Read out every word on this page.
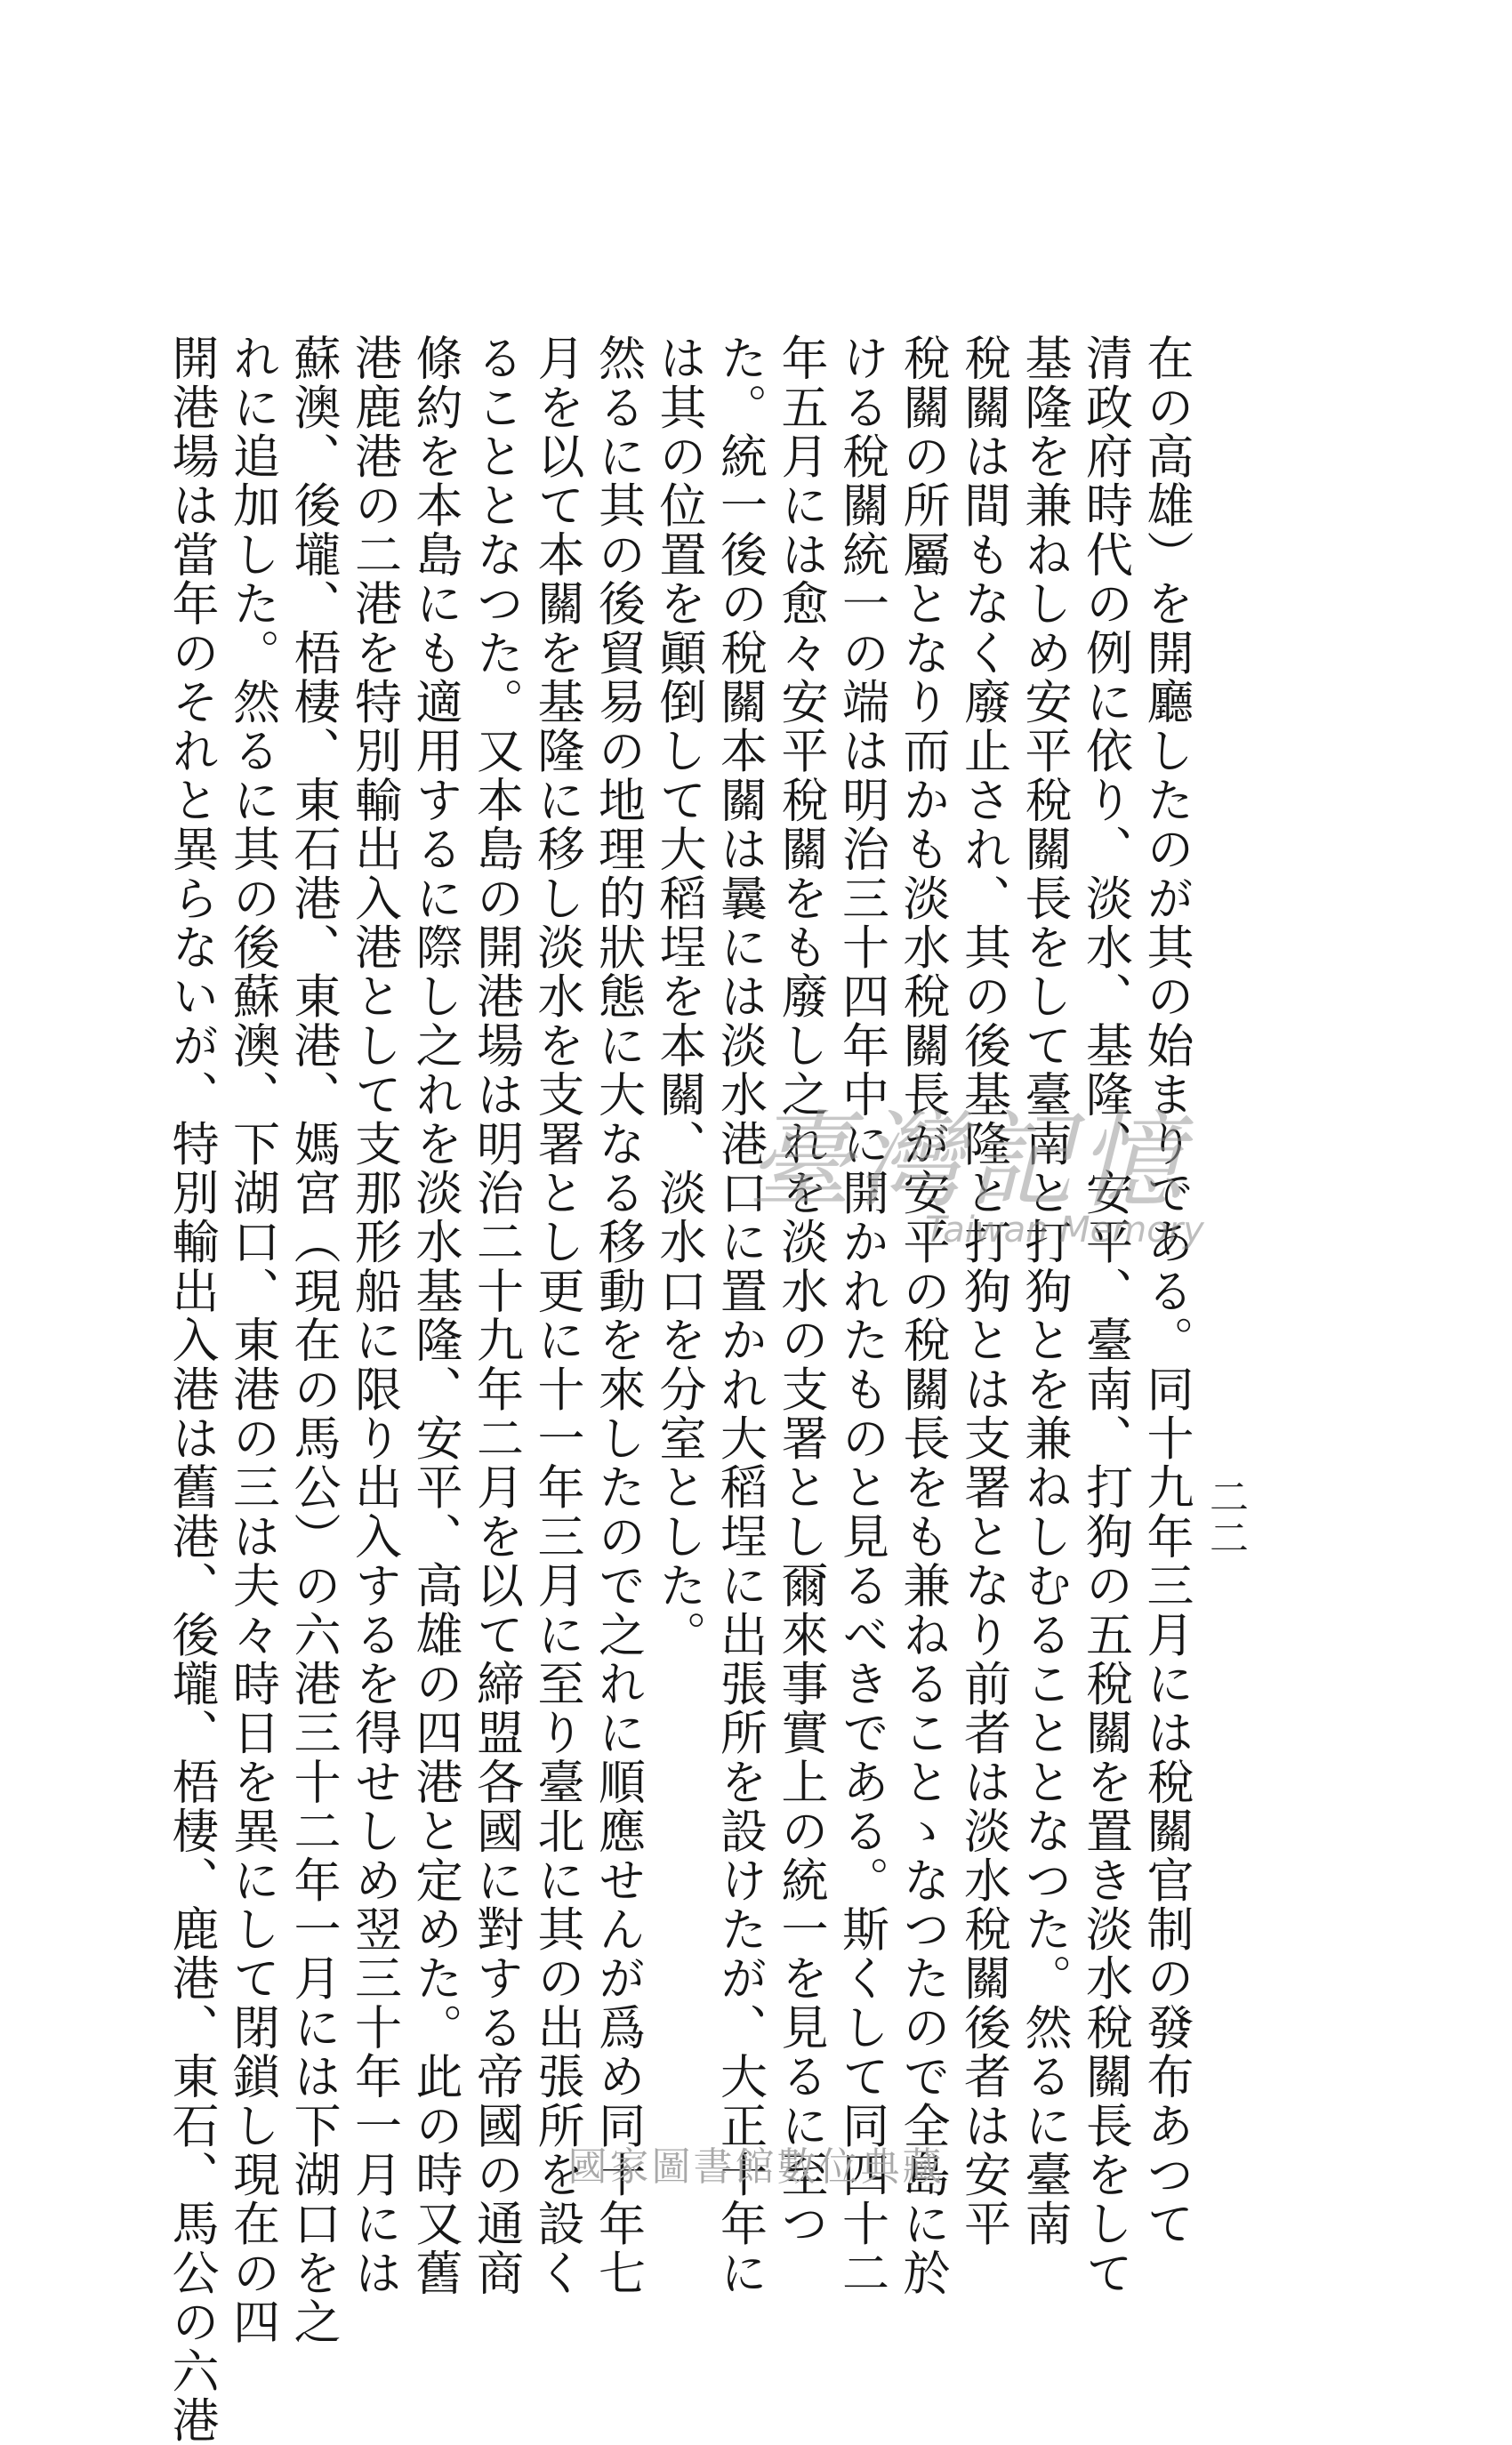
二二
在の高雄）を開廳したのが其の始まりである。同十九年三月には稅關官制の發布あつて
清政府時代の例に依り、淡水、基隆、安平、臺南、打狗の五稅關を置き淡水稅關長をして
基隆を兼ねしめ安平稅關長をして臺南と打狗とを兼ねしむることとなつた。然るに臺南
稅關は間もなく廢止され、其の後基隆と打狗とは支署となり前者は淡水稅關後者は安平
稅關の所屬となり而かも淡水稅關長が安平の稅關長をも兼ねることゝなつたので全島に於
ける稅關統一の端は明治三十四年中に開かれたものと見るべきである。斯くして同四十二
年五月には愈々安平稅關をも廢し之れを淡水の支署とし爾來事實上の統一を見るに至つ
た。統一後の稅關本關は曩には淡水港口に置かれ大稻埕に出張所を設けたが、大正十年に
は其の位置を顚倒して大稻埕を本關、淡水口を分室とした。
然るに其の後貿易の地理的狀態に大なる移動を來したので之れに順應せんが爲め同十年七
月を以て本關を基隆に移し淡水を支署とし更に十一年三月に至り臺北に其の出張所を設く
ることとなつた。又本島の開港場は明治二十九年二月を以て締盟各國に對する帝國の通商
條約を本島にも適用するに際し之れを淡水基隆、安平、高雄の四港と定めた。此の時又舊
港鹿港の二港を特別輸出入港として支那形船に限り出入するを得せしめ翌三十年一月には
蘇澳、後壠、梧棲、東石港、東港、媽宮（現在の馬公）の六港三十二年一月には下湖口を之
れに追加した。然るに其の後蘇澳、下湖口、東港の三は夫々時日を異にして閉鎖し現在の四
開港場は當年のそれと異らないが、特別輸出入港は舊港、後壠、梧棲、鹿港、東石、馬公の六港	臺灣記憶
Taiwan Memory
國家圖書館數位典藏
